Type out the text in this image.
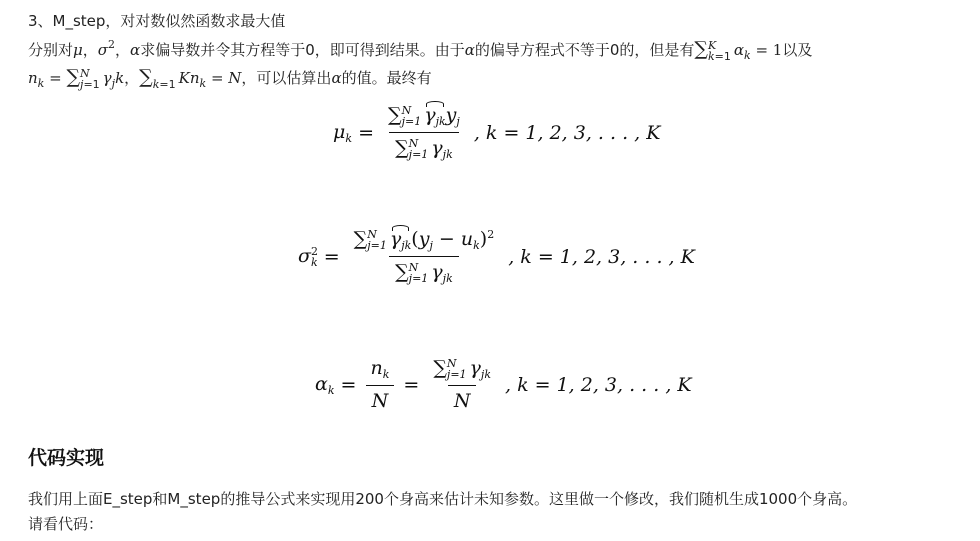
3、M_step，对对数似然函数求最大值
分别对μ，$\sigma^2$，α求偏导数并令其方程等于0，即可得到结果。由于α的偏导方程式不等于0的，但是有∑ K
k=1 $\alpha_k = 1$以及
$n_k$ = ∑ N
j=1 $\gamma_jk$，∑
k=1 $Kn_k = N$，可以估算出α的值。最终有
$\mu_k$ = ∑ N
j=1 $\gamma_{jk}y_j$
∑ N
j=1 $\gamma_{jk}$ , k = 1, 2, 3, . . . , K
$\sigma^2_k$ = ∑ N
j=1 $\gamma_{jk}(y_j - u_k)^2$
∑ N
j=1 $\gamma_{jk}$ , k = 1, 2, 3, . . . , K
$\alpha_k = \frac{n_k}{N}$ = ∑ N
j=1 $\gamma_{jk}$
N , k = 1, 2, 3, . . . , K
代码实现
我们用上面E_step和M_step的推导公式来实现用200个身高来估计未知参数。这里做一个修改，我们随机生成1000个身高。
请看代码：
